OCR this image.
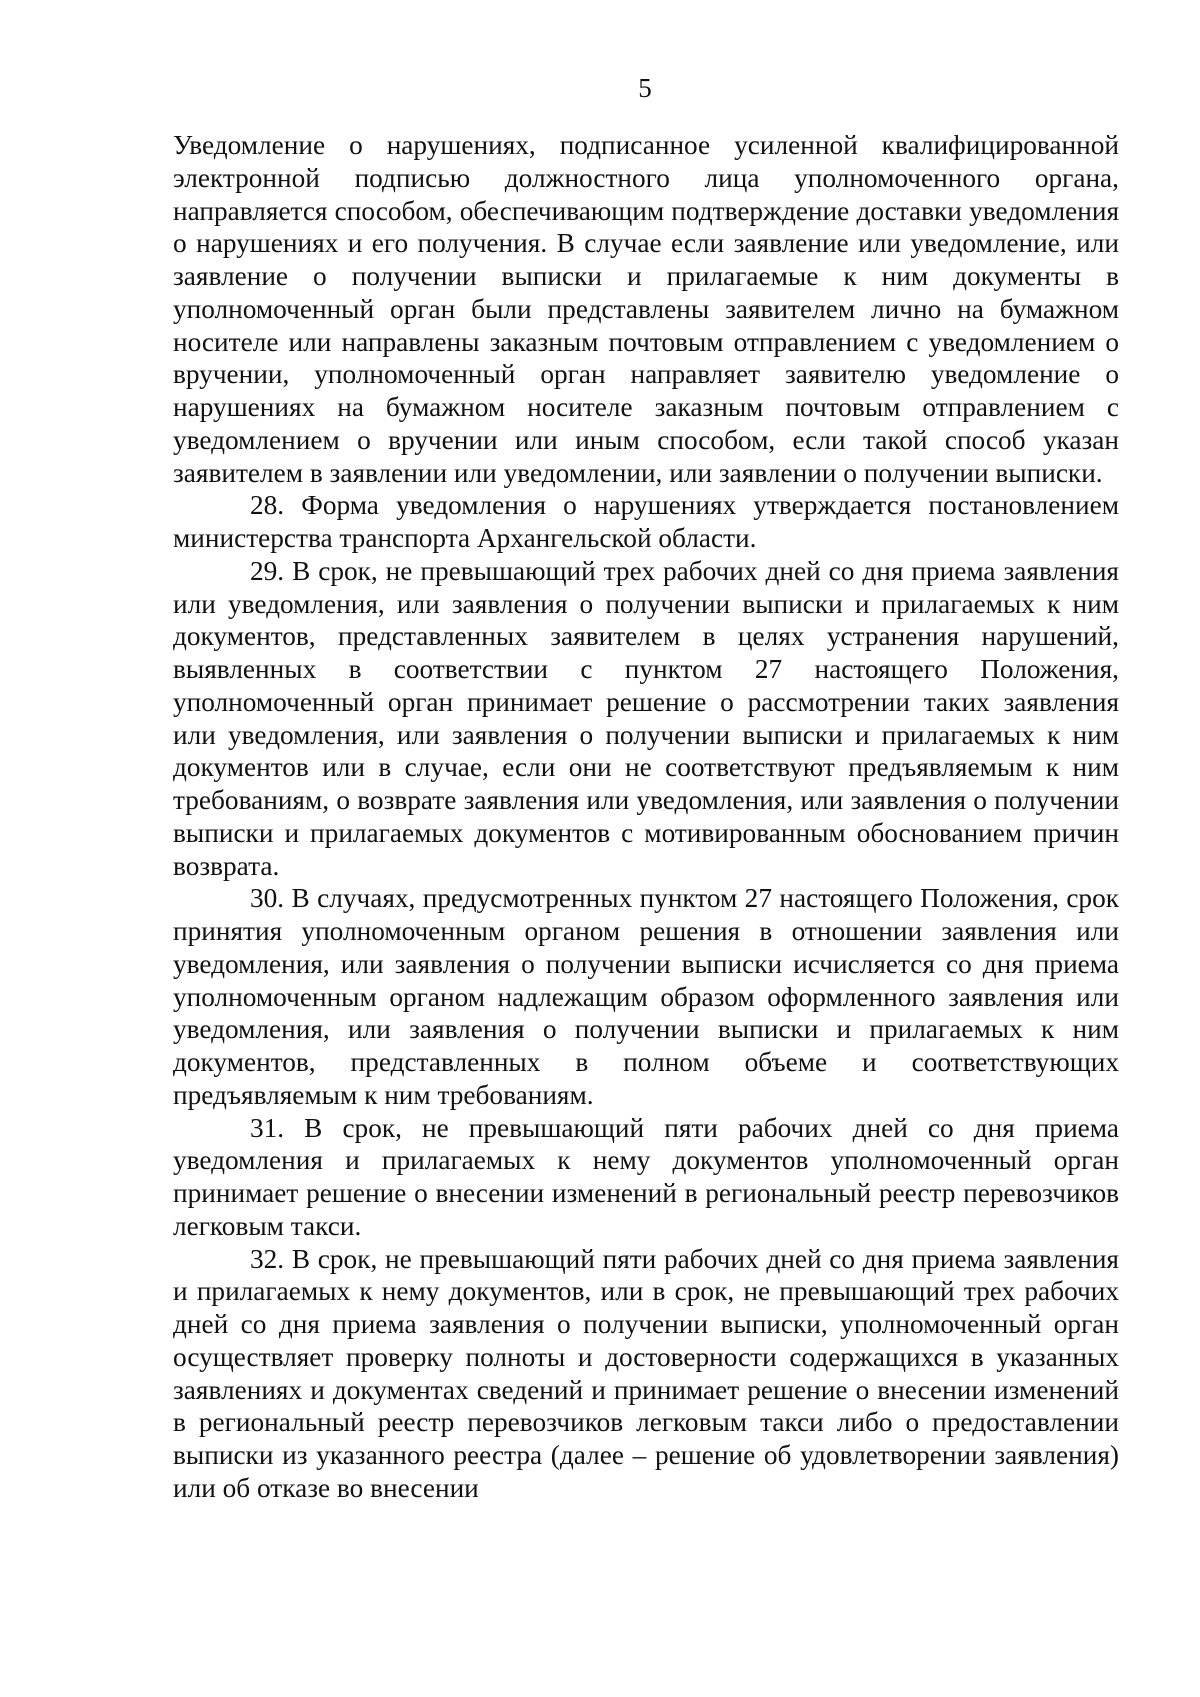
5

Уведомление о нарушениях, подписанное усиленной квалифицированной электронной подписью должностного лица уполномоченного органа, направляется способом, обеспечивающим подтверждение доставки уведомления о нарушениях и его получения. В случае если заявление или уведомление, или заявление о получении выписки и прилагаемые к ним документы в уполномоченный орган были представлены заявителем лично на бумажном носителе или направлены заказным почтовым отправлением с уведомлением о вручении, уполномоченный орган направляет заявителю уведомление о нарушениях на бумажном носителе заказным почтовым отправлением с уведомлением о вручении или иным способом, если такой способ указан заявителем в заявлении или уведомлении, или заявлении о получении выписки.

28. Форма уведомления о нарушениях утверждается постановлением министерства транспорта Архангельской области.

29. В срок, не превышающий трех рабочих дней со дня приема заявления или уведомления, или заявления о получении выписки и прилагаемых к ним документов, представленных заявителем в целях устранения нарушений, выявленных в соответствии с пунктом 27 настоящего Положения, уполномоченный орган принимает решение о рассмотрении таких заявления или уведомления, или заявления о получении выписки и прилагаемых к ним документов или в случае, если они не соответствуют предъявляемым к ним требованиям, о возврате заявления или уведомления, или заявления о получении выписки и прилагаемых документов с мотивированным обоснованием причин возврата.

30. В случаях, предусмотренных пунктом 27 настоящего Положения, срок принятия уполномоченным органом решения в отношении заявления или уведомления, или заявления о получении выписки исчисляется со дня приема уполномоченным органом надлежащим образом оформленного заявления или уведомления, или заявления о получении выписки и прилагаемых к ним документов, представленных в полном объеме и соответствующих предъявляемым к ним требованиям.

31. В срок, не превышающий пяти рабочих дней со дня приема уведомления и прилагаемых к нему документов уполномоченный орган принимает решение о внесении изменений в региональный реестр перевозчиков легковым такси.

32. В срок, не превышающий пяти рабочих дней со дня приема заявления и прилагаемых к нему документов, или в срок, не превышающий трех рабочих дней со дня приема заявления о получении выписки, уполномоченный орган осуществляет проверку полноты и достоверности содержащихся в указанных заявлениях и документах сведений и принимает решение о внесении изменений в региональный реестр перевозчиков легковым такси либо о предоставлении выписки из указанного реестра (далее – решение об удовлетворении заявления) или об отказе во внесении
